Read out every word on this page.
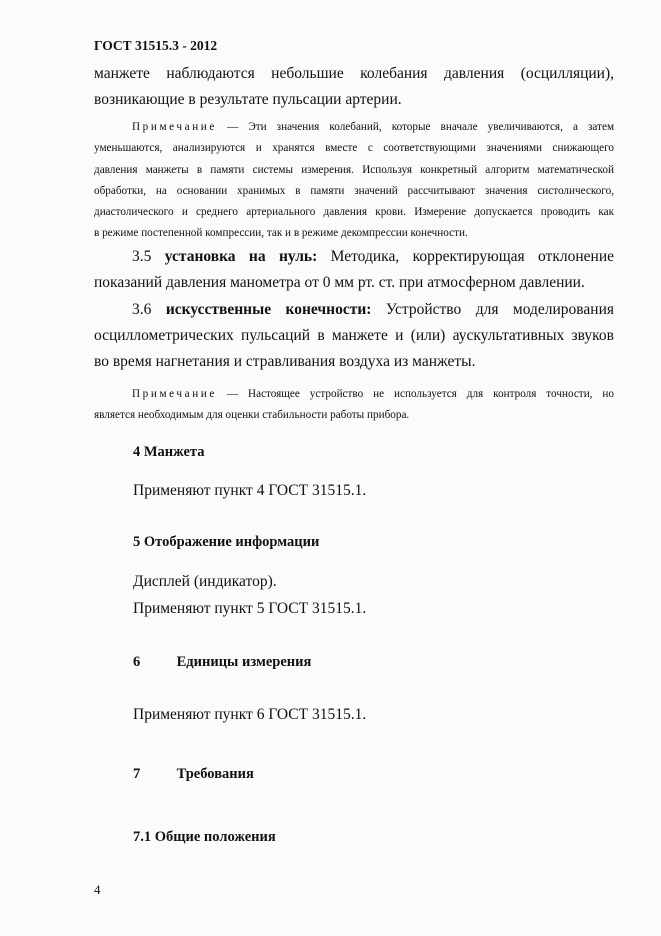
ГОСТ 31515.3 - 2012
манжете наблюдаются небольшие колебания давления (осцилляции),
возникающие в результате пульсации артерии.
Примечание — Эти значения колебаний, которые вначале увеличиваются, а затем
уменьшаются, анализируются и хранятся вместе с соответствующими значениями снижающего
давления манжеты в памяти системы измерения. Используя конкретный алгоритм математической
обработки, на основании хранимых в памяти значений рассчитывают значения систолического,
диастолического и среднего артериального давления крови. Измерение допускается проводить как
в режиме постепенной компрессии, так и в режиме декомпрессии конечности.
3.5 установка на нуль: Методика, корректирующая отклонение
показаний давления манометра от 0 мм рт. ст. при атмосферном давлении.
3.6 искусственные конечности: Устройство для моделирования
осциллометрических пульсаций в манжете и (или) аускультативных звуков
во время нагнетания и стравливания воздуха из манжеты.
Примечание — Настоящее устройство не используется для контроля точности, но
является необходимым для оценки стабильности работы прибора.
4 Манжета
Применяют пункт 4 ГОСТ 31515.1.
5 Отображение информации
Дисплей (индикатор).
Применяют пункт 5 ГОСТ 31515.1.
6	Единицы измерения
Применяют пункт 6 ГОСТ 31515.1.
7	Требования
7.1 Общие положения
4
